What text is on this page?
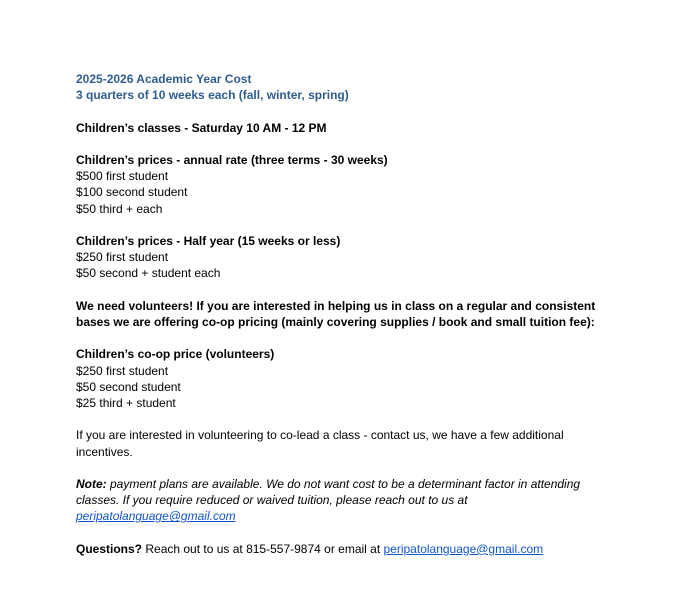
2025-2026 Academic Year Cost
3 quarters of 10 weeks each (fall, winter, spring)
Children’s classes - Saturday 10 AM - 12 PM
Children’s prices - annual rate (three terms - 30 weeks)
$500 first student
$100 second student
$50 third + each
Children’s prices - Half year (15 weeks or less)
$250 first student
$50 second + student each
We need volunteers! If you are interested in helping us in class on a regular and consistent bases we are offering co-op pricing (mainly covering supplies / book and small tuition fee):
Children’s co-op price (volunteers)
$250 first student
$50 second student
$25 third + student
If you are interested in volunteering to co-lead a class - contact us, we have a few additional incentives.
Note: payment plans are available. We do not want cost to be a determinant factor in attending classes. If you require reduced or waived tuition, please reach out to us at peripatolanguage@gmail.com
Questions? Reach out to us at 815-557-9874 or email at peripatolanguage@gmail.com
